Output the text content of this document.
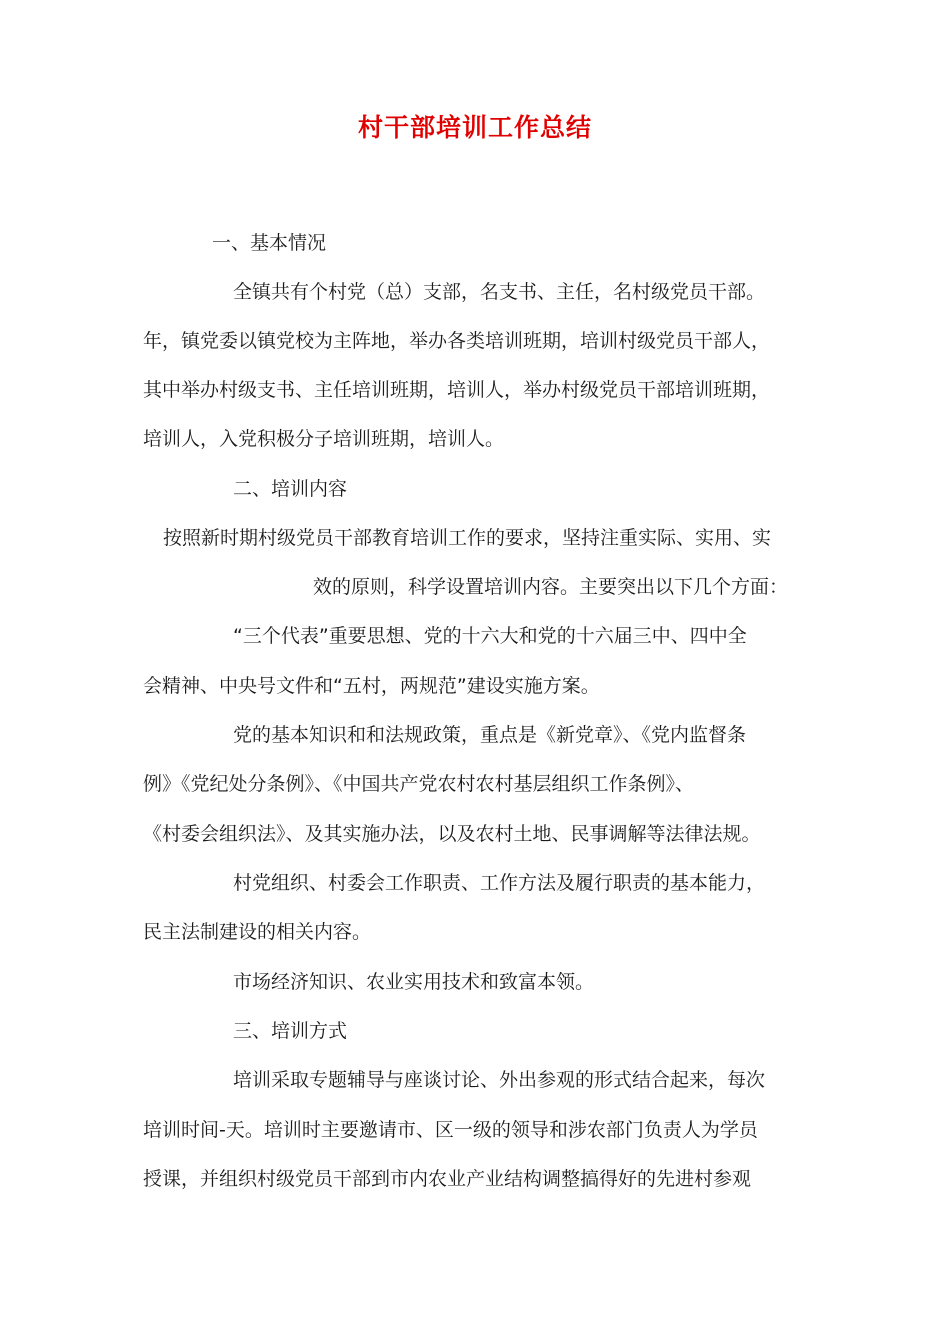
村干部培训工作总结

一、基本情况

全镇共有个村党（总）支部，名支书、主任，名村级党员干部。

年，镇党委以镇党校为主阵地，举办各类培训班期，培训村级党员干部人，

其中举办村级支书、主任培训班期，培训人，举办村级党员干部培训班期，

培训人，入党积极分子培训班期，培训人。

二、培训内容

按照新时期村级党员干部教育培训工作的要求，坚持注重实际、实用、实

效的原则，科学设置培训内容。主要突出以下几个方面：

“三个代表”重要思想、党的十六大和党的十六届三中、四中全

会精神、中央号文件和“五村，两规范”建设实施方案。

党的基本知识和和法规政策，重点是《新党章》、《党内监督条

例》《党纪处分条例》、《中国共产党农村农村基层组织工作条例》、

《村委会组织法》、及其实施办法，以及农村土地、民事调解等法律法规。

村党组织、村委会工作职责、工作方法及履行职责的基本能力，

民主法制建设的相关内容。

市场经济知识、农业实用技术和致富本领。

三、培训方式

培训采取专题辅导与座谈讨论、外出参观的形式结合起来，每次

培训时间-天。培训时主要邀请市、区一级的领导和涉农部门负责人为学员

授课，并组织村级党员干部到市内农业产业结构调整搞得好的先进村参观
